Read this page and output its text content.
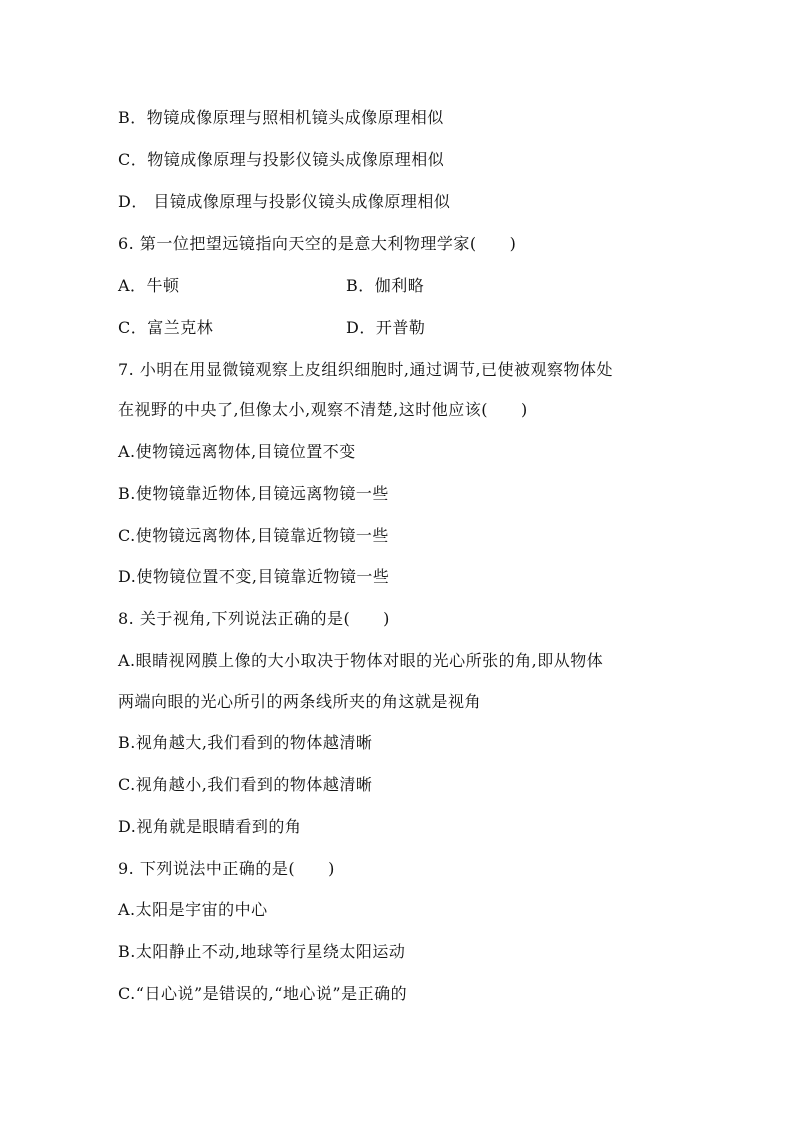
B．物镜成像原理与照相机镜头成像原理相似
C．物镜成像原理与投影仪镜头成像原理相似
D． 目镜成像原理与投影仪镜头成像原理相似
6. 第一位把望远镜指向天空的是意大利物理学家(　　)
A．牛顿	B．伽利略
C．富兰克林	D．开普勒
7. 小明在用显微镜观察上皮组织细胞时,通过调节,已使被观察物体处
在视野的中央了,但像太小,观察不清楚,这时他应该(　　)
A.使物镜远离物体,目镜位置不变
B.使物镜靠近物体,目镜远离物镜一些
C.使物镜远离物体,目镜靠近物镜一些
D.使物镜位置不变,目镜靠近物镜一些
8. 关于视角,下列说法正确的是(　　)
A.眼睛视网膜上像的大小取决于物体对眼的光心所张的角,即从物体
两端向眼的光心所引的两条线所夹的角这就是视角
B.视角越大,我们看到的物体越清晰
C.视角越小,我们看到的物体越清晰
D.视角就是眼睛看到的角
9. 下列说法中正确的是(　　)
A.太阳是宇宙的中心
B.太阳静止不动,地球等行星绕太阳运动
C.“日心说”是错误的,“地心说”是正确的
